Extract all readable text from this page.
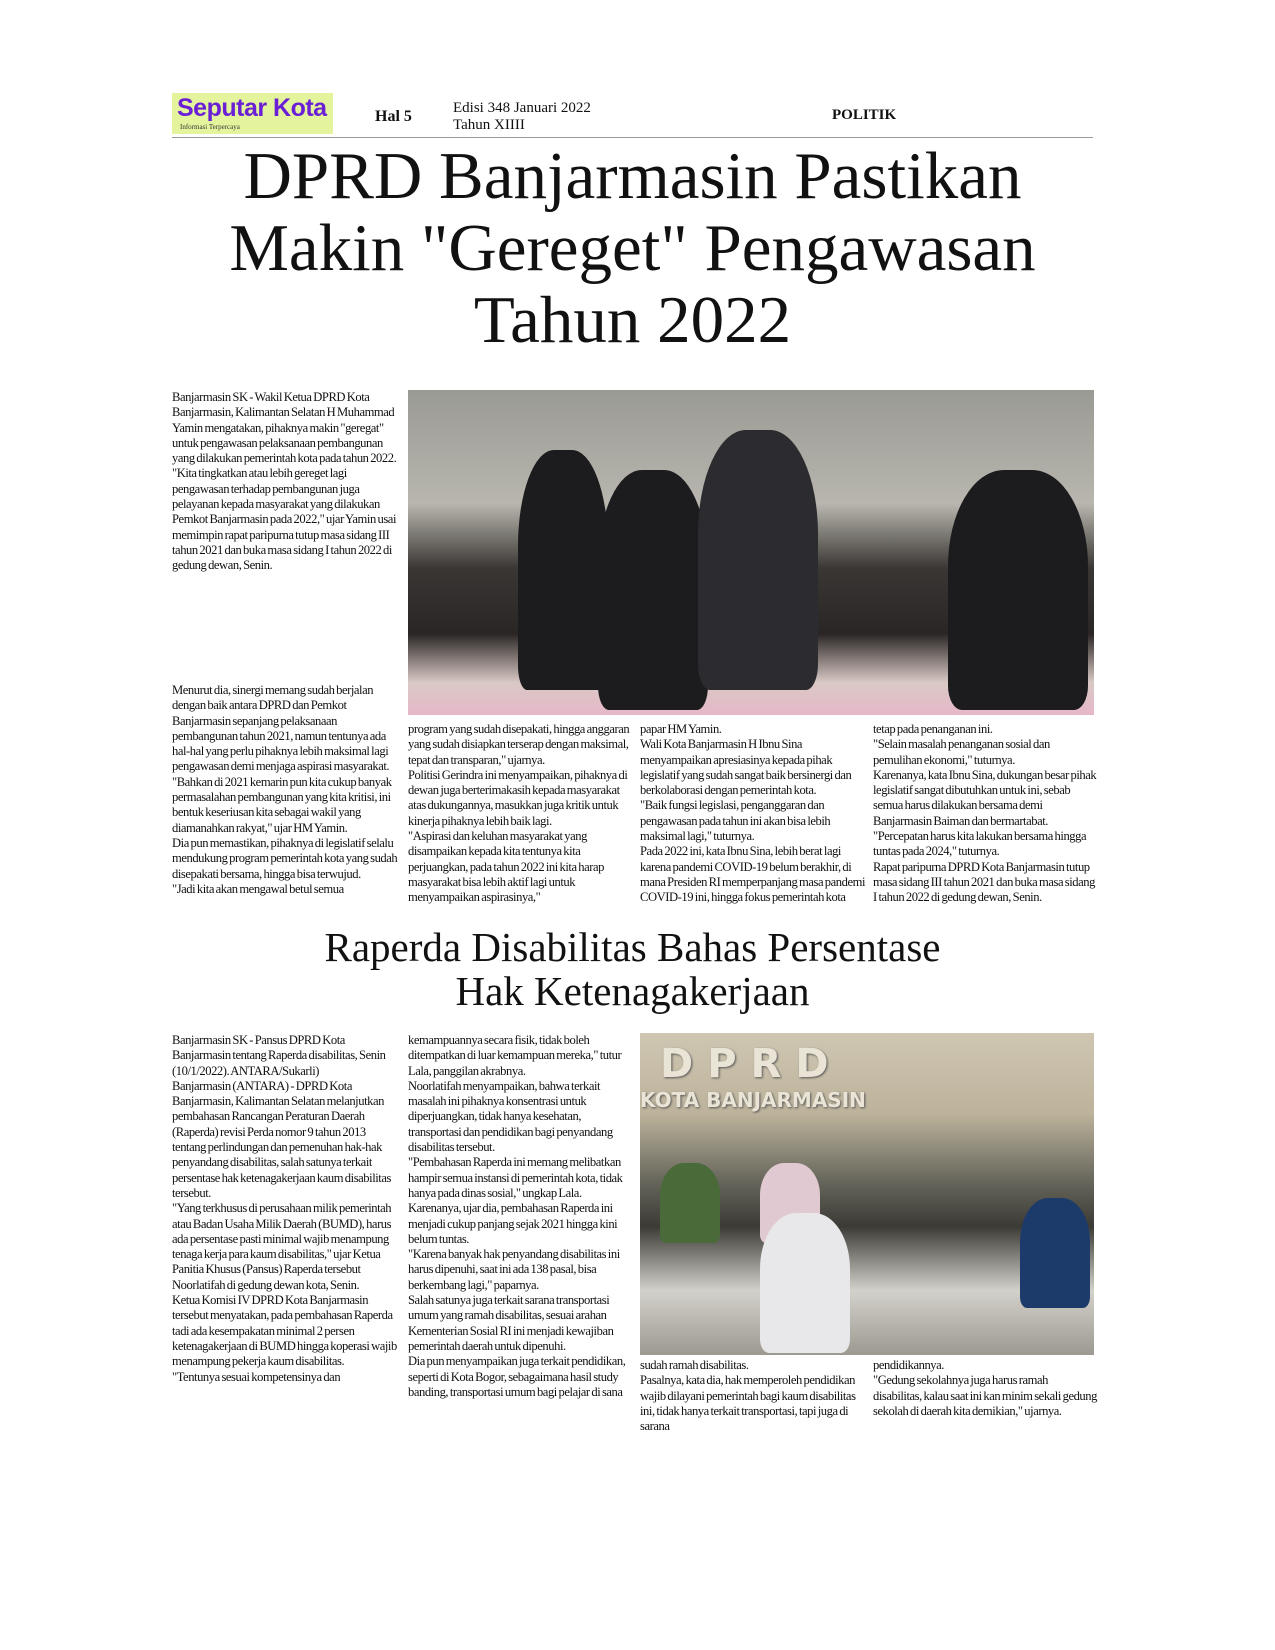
Seputar Kota
Informasi Terpercaya
Hal 5	Edisi 348 Januari 2022
Tahun XIIII
POLITIK
DPRD Banjarmasin Pastikan Makin "Gereget" Pengawasan Tahun 2022

Banjarmasin SK - Wakil Ketua DPRD Kota Banjarmasin, Kalimantan Selatan H Muhammad Yamin mengatakan, pihaknya makin "geregat" untuk pengawasan pelaksanaan pembangunan yang dilakukan pemerintah kota pada tahun 2022.

"Kita tingkatkan atau lebih gereget lagi pengawasan terhadap pembangunan juga pelayanan kepada masyarakat yang dilakukan Pemkot Banjarmasin pada 2022," ujar Yamin usai memimpin rapat paripurna tutup masa sidang III tahun 2021 dan buka masa sidang I tahun 2022 di gedung dewan, Senin.

Menurut dia, sinergi memang sudah berjalan dengan baik antara DPRD dan Pemkot Banjarmasin sepanjang pelaksanaan pembangunan tahun 2021, namun tentunya ada hal-hal yang perlu pihaknya lebih maksimal lagi pengawasan demi menjaga aspirasi masyarakat.

"Bahkan di 2021 kemarin pun kita cukup banyak permasalahan pembangunan yang kita kritisi, ini bentuk keseriusan kita sebagai wakil yang diamanahkan rakyat," ujar HM Yamin.

Dia pun memastikan, pihaknya di legislatif selalu mendukung program pemerintah kota yang sudah disepakati bersama, hingga bisa terwujud.

"Jadi kita akan mengawal betul semua

program yang sudah disepakati, hingga anggaran yang sudah disiapkan terserap dengan maksimal, tepat dan transparan," ujarnya.

Politisi Gerindra ini menyampaikan, pihaknya di dewan juga berterimakasih kepada masyarakat atas dukungannya, masukkan juga kritik untuk kinerja pihaknya lebih baik lagi.

"Aspirasi dan keluhan masyarakat yang disampaikan kepada kita tentunya kita perjuangkan, pada tahun 2022 ini kita harap masyarakat bisa lebih aktif lagi untuk menyampaikan aspirasinya,"

papar HM Yamin.

Wali Kota Banjarmasin H Ibnu Sina menyampaikan apresiasinya kepada pihak legislatif yang sudah sangat baik bersinergi dan berkolaborasi dengan pemerintah kota.

"Baik fungsi legislasi, penganggaran dan pengawasan pada tahun ini akan bisa lebih maksimal lagi," tuturnya.

Pada 2022 ini, kata Ibnu Sina, lebih berat lagi karena pandemi COVID-19 belum berakhir, di mana Presiden RI memperpanjang masa pandemi COVID-19 ini, hingga fokus pemerintah kota

tetap pada penanganan ini.

"Selain masalah penanganan sosial dan pemulihan ekonomi," tuturnya.

Karenanya, kata Ibnu Sina, dukungan besar pihak legislatif sangat dibutuhkan untuk ini, sebab semua harus dilakukan bersama demi Banjarmasin Baiman dan bermartabat.

"Percepatan harus kita lakukan bersama hingga tuntas pada 2024," tuturnya.

Rapat paripurna DPRD Kota Banjarmasin tutup masa sidang III tahun 2021 dan buka masa sidang I tahun 2022 di gedung dewan, Senin.

Raperda Disabilitas Bahas Persentase Hak Ketenagakerjaan
DPRD
KOTA BANJARMASIN

Banjarmasin SK - Pansus DPRD Kota Banjarmasin tentang Raperda disabilitas, Senin (10/1/2022). ANTARA/Sukarli)

Banjarmasin (ANTARA) - DPRD Kota Banjarmasin, Kalimantan Selatan melanjutkan pembahasan Rancangan Peraturan Daerah (Raperda) revisi Perda nomor 9 tahun 2013 tentang perlindungan dan pemenuhan hak-hak penyandang disabilitas, salah satunya terkait persentase hak ketenagakerjaan kaum disabilitas tersebut.

"Yang terkhusus di perusahaan milik pemerintah atau Badan Usaha Milik Daerah (BUMD), harus ada persentase pasti minimal wajib menampung tenaga kerja para kaum disabilitas," ujar Ketua Panitia Khusus (Pansus) Raperda tersebut Noorlatifah di gedung dewan kota, Senin.

Ketua Komisi IV DPRD Kota Banjarmasin tersebut menyatakan, pada pembahasan Raperda tadi ada kesempakatan minimal 2 persen ketenagakerjaan di BUMD hingga koperasi wajib menampung pekerja kaum disabilitas.

"Tentunya sesuai kompetensinya dan

kemampuannya secara fisik, tidak boleh ditempatkan di luar kemampuan mereka," tutur Lala, panggilan akrabnya.

Noorlatifah menyampaikan, bahwa terkait masalah ini pihaknya konsentrasi untuk diperjuangkan, tidak hanya kesehatan, transportasi dan pendidikan bagi penyandang disabilitas tersebut.

"Pembahasan Raperda ini memang melibatkan hampir semua instansi di pemerintah kota, tidak hanya pada dinas sosial," ungkap Lala.

Karenanya, ujar dia, pembahasan Raperda ini menjadi cukup panjang sejak 2021 hingga kini belum tuntas.

"Karena banyak hak penyandang disabilitas ini harus dipenuhi, saat ini ada 138 pasal, bisa berkembang lagi," paparnya.

Salah satunya juga terkait sarana transportasi umum yang ramah disabilitas, sesuai arahan Kementerian Sosial RI ini menjadi kewajiban pemerintah daerah untuk dipenuhi.

Dia pun menyampaikan juga terkait pendidikan, seperti di Kota Bogor, sebagaimana hasil study banding, transportasi umum bagi pelajar di sana

sudah ramah disabilitas.

Pasalnya, kata dia, hak memperoleh pendidikan wajib dilayani pemerintah bagi kaum disabilitas ini, tidak hanya terkait transportasi, tapi juga di sarana

pendidikannya.

"Gedung sekolahnya juga harus ramah disabilitas, kalau saat ini kan minim sekali gedung sekolah di daerah kita demikian," ujarnya.
